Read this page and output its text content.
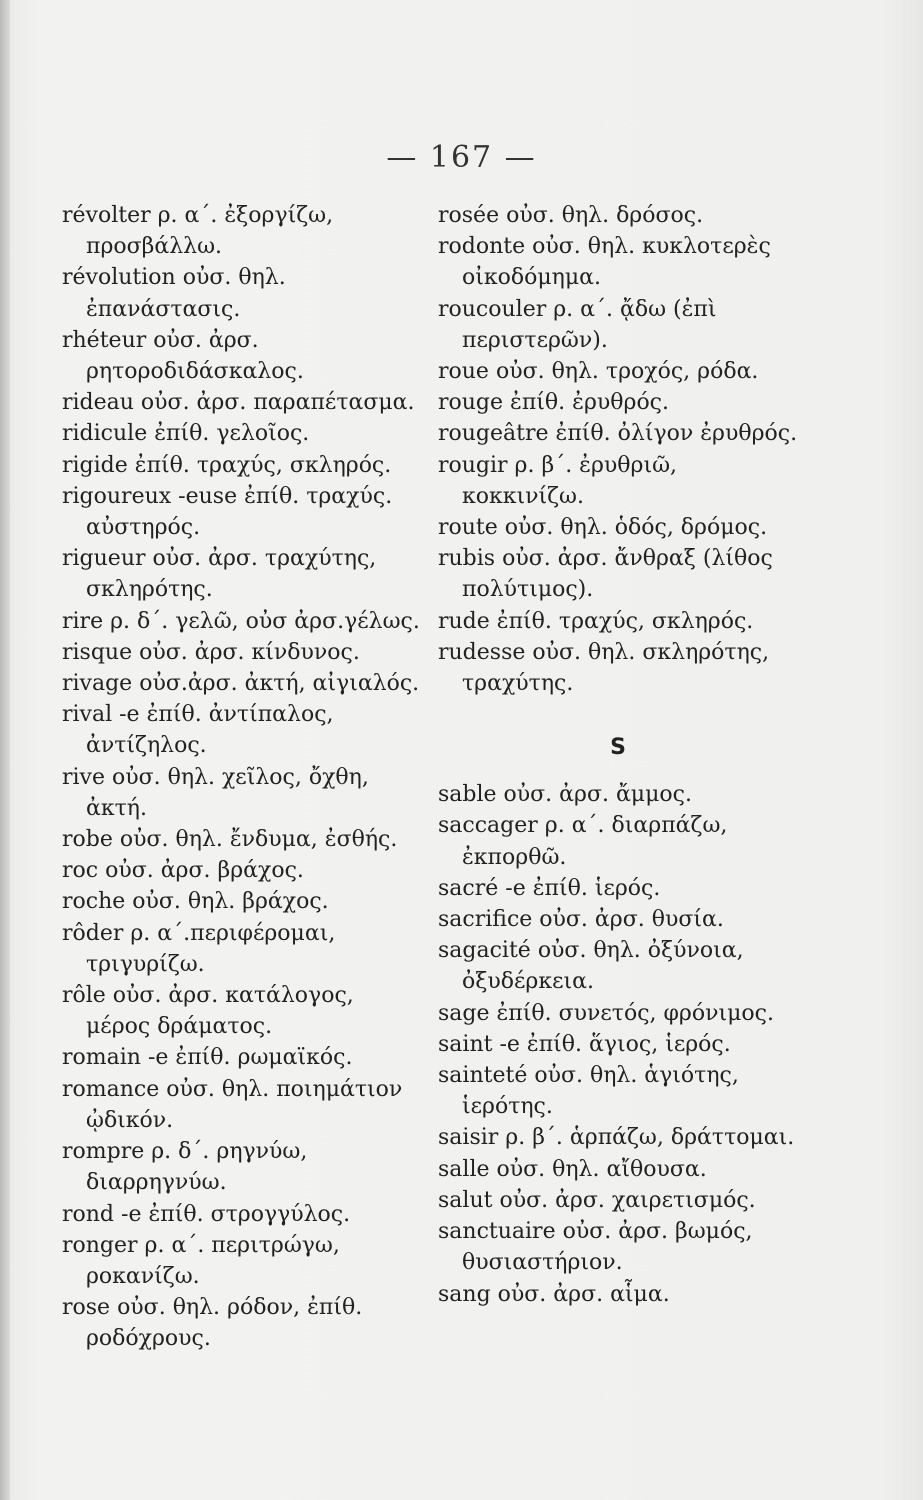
— 167 —

révolter ρ. α΄. ἐξοργίζω, προσβάλλω.

révolution οὐσ. θηλ. ἐπανάστασις.

rhéteur οὐσ. ἀρσ. ρητοροδιδάσκαλος.

rideau οὐσ. ἀρσ. παραπέτασμα.

ridicule ἐπίθ. γελοῖος.

rigide ἐπίθ. τραχύς, σκληρός.

rigoureux -euse ἐπίθ. τραχύς. αὐστηρός.

rigueur οὐσ. ἀρσ. τραχύτης, σκληρότης.

rire ρ. δ΄. γελῶ, οὐσ ἀρσ.γέλως.

risque οὐσ. ἀρσ. κίνδυνος.

rivage οὐσ.ἀρσ. ἀκτή, αἰγιαλός.

rival -e ἐπίθ. ἀντίπαλος, ἀντίζηλος.

rive οὐσ. θηλ. χεῖλος, ὄχθη, ἀκτή.

robe οὐσ. θηλ. ἔνδυμα, ἐσθής.

roc οὐσ. ἀρσ. βράχος.

roche οὐσ. θηλ. βράχος.

rôder ρ. α΄.περιφέρομαι, τριγυρίζω.

rôle οὐσ. ἀρσ. κατάλογος, μέρος δράματος.

romain -e ἐπίθ. ρωμαϊκός.

romance οὐσ. θηλ. ποιημάτιον ᾠδικόν.

rompre ρ. δ΄. ρηγνύω, διαρρηγνύω.

rond -e ἐπίθ. στρογγύλος.

ronger ρ. α΄. περιτρώγω, ροκανίζω.

rose οὐσ. θηλ. ρόδον, ἐπίθ. ροδόχρους.

rosée οὐσ. θηλ. δρόσος.

rodonte οὐσ. θηλ. κυκλοτερὲς οἰκοδόμημα.

roucouler ρ. α΄. ᾄδω (ἐπὶ περιστερῶν).

roue οὐσ. θηλ. τροχός, ρόδα.

rouge ἐπίθ. ἐρυθρός.

rougeâtre ἐπίθ. ὀλίγον ἐρυθρός.

rougir ρ. β΄. ἐρυθριῶ, κοκκινίζω.

route οὐσ. θηλ. ὁδός, δρόμος.

rubis οὐσ. ἀρσ. ἄνθραξ (λίθος πολύτιμος).

rude ἐπίθ. τραχύς, σκληρός.

rudesse οὐσ. θηλ. σκληρότης, τραχύτης.

S

sable οὐσ. ἀρσ. ἄμμος.

saccager ρ. α΄. διαρπάζω, ἐκπορθῶ.

sacré -e ἐπίθ. ἱερός.

sacrifice οὐσ. ἀρσ. θυσία.

sagacité οὐσ. θηλ. ὀξύνοια, ὀξυδέρκεια.

sage ἐπίθ. συνετός, φρόνιμος.

saint -e ἐπίθ. ἅγιος, ἱερός.

sainteté οὐσ. θηλ. ἁγιότης, ἱερότης.

saisir ρ. β΄. ἁρπάζω, δράττομαι.

salle οὐσ. θηλ. αἴθουσα.

salut οὐσ. ἀρσ. χαιρετισμός.

sanctuaire οὐσ. ἀρσ. βωμός, θυσιαστήριον.

sang οὐσ. ἀρσ. αἷμα.
